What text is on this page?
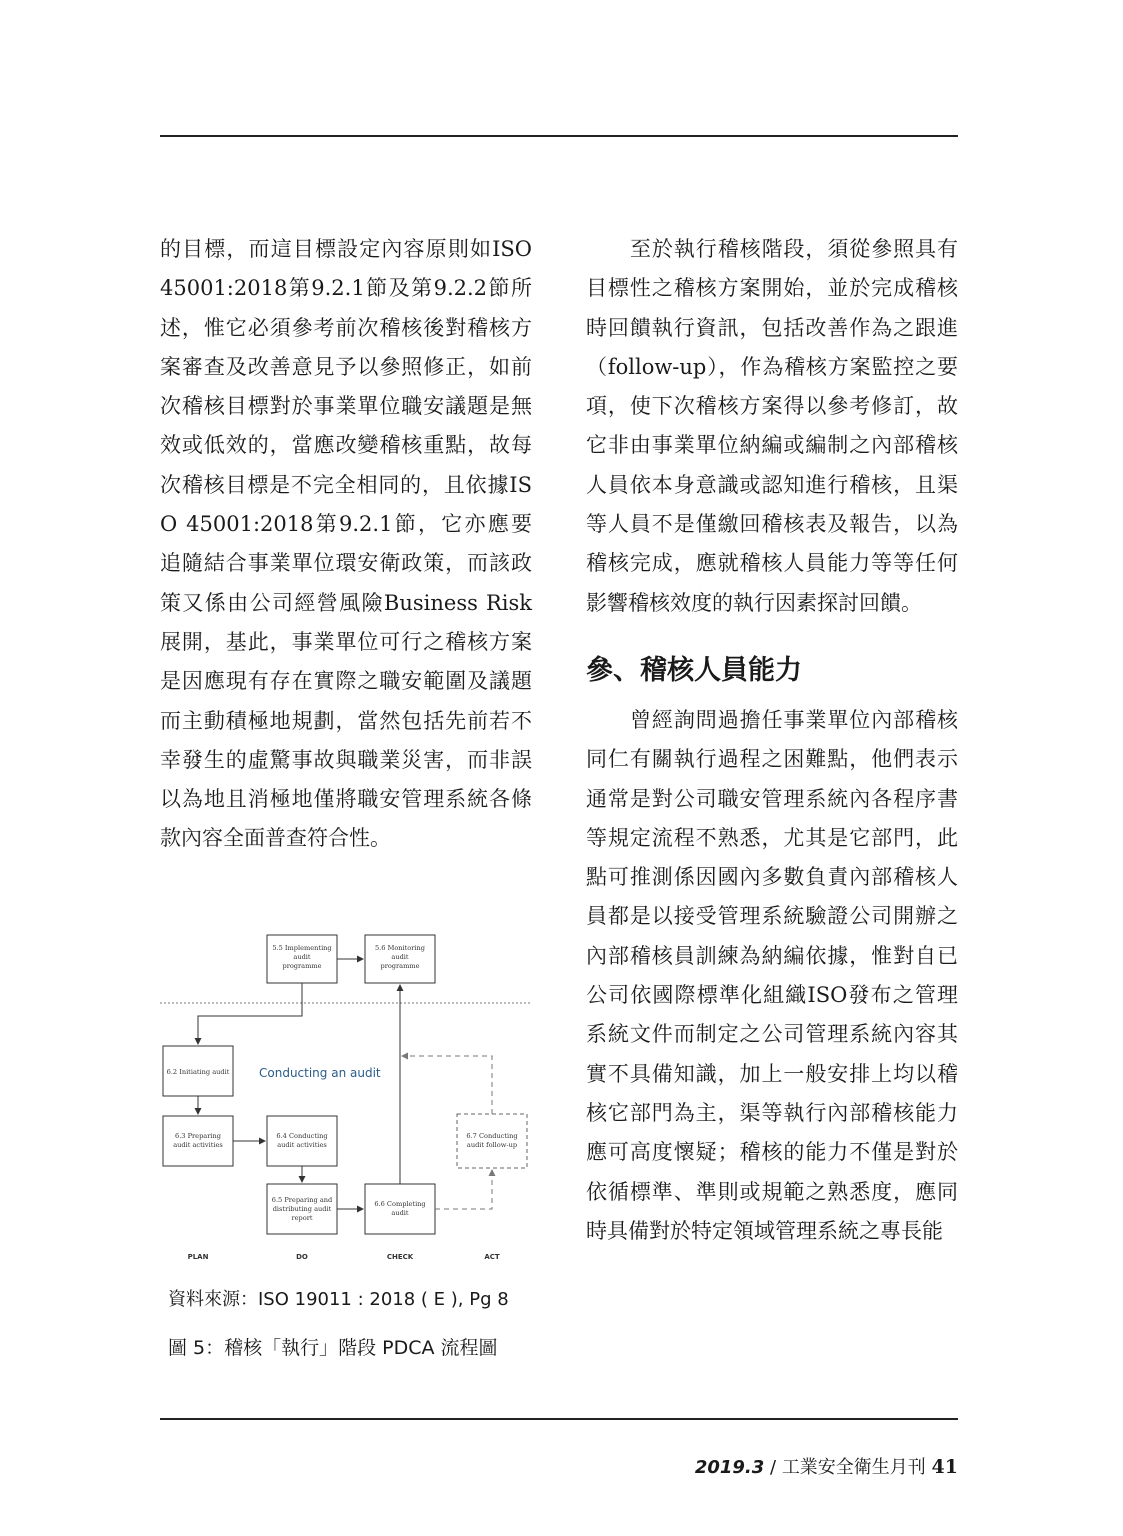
的目標，而這目標設定內容原則如ISO 45001:2018第9.2.1節及第9.2.2節所述，惟它必須參考前次稽核後對稽核方案審查及改善意見予以參照修正，如前次稽核目標對於事業單位職安議題是無效或低效的，當應改變稽核重點，故每次稽核目標是不完全相同的，且依據ISO 45001:2018第9.2.1節，它亦應要追隨結合事業單位環安衛政策，而該政策又係由公司經營風險Business Risk展開，基此，事業單位可行之稽核方案是因應現有存在實際之職安範圍及議題而主動積極地規劃，當然包括先前若不幸發生的虛驚事故與職業災害，而非誤以為地且消極地僅將職安管理系統各條款內容全面普查符合性。

5.5 Implementing
audit
programme
5.6 Monitoring
audit
programme
6.2 Initiating audit
6.3 Preparing
audit activities
6.4 Conducting
audit activities
6.5 Preparing and
distributing audit
report
6.6 Completing
audit
6.7 Conducting
audit follow-up
Conducting an audit
PLAN	DO	CHECK	ACT
資料來源：ISO 19011 : 2018 ( E ), Pg 8
圖 5：稽核「執行」階段 PDCA 流程圖

至於執行稽核階段，須從參照具有目標性之稽核方案開始，並於完成稽核時回饋執行資訊，包括改善作為之跟進（follow-up），作為稽核方案監控之要項，使下次稽核方案得以參考修訂，故它非由事業單位納編或編制之內部稽核人員依本身意識或認知進行稽核，且渠等人員不是僅繳回稽核表及報告，以為稽核完成，應就稽核人員能力等等任何影響稽核效度的執行因素探討回饋。

參、稽核人員能力

曾經詢問過擔任事業單位內部稽核同仁有關執行過程之困難點，他們表示通常是對公司職安管理系統內各程序書等規定流程不熟悉，尤其是它部門，此點可推測係因國內多數負責內部稽核人員都是以接受管理系統驗證公司開辦之內部稽核員訓練為納編依據，惟對自已公司依國際標準化組織ISO發布之管理系統文件而制定之公司管理系統內容其實不具備知識，加上一般安排上均以稽核它部門為主，渠等執行內部稽核能力應可高度懷疑；稽核的能力不僅是對於依循標準、準則或規範之熟悉度，應同時具備對於特定領域管理系統之專長能

2019.3 / 工業安全衛生月刊 41
